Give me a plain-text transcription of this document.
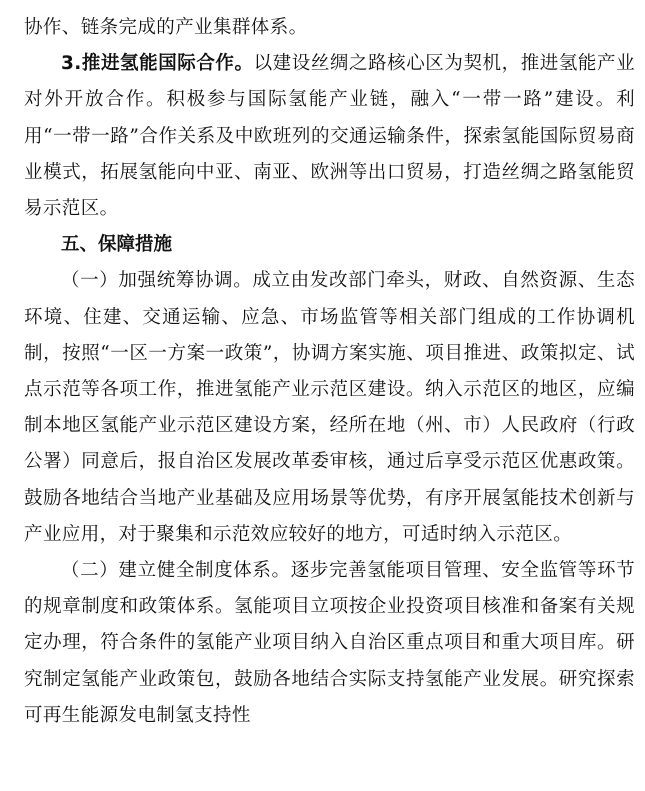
协作、链条完成的产业集群体系。

3.推进氢能国际合作。以建设丝绸之路核心区为契机，推进氢能产业对外开放合作。积极参与国际氢能产业链，融入“一带一路”建设。利用“一带一路”合作关系及中欧班列的交通运输条件，探索氢能国际贸易商业模式，拓展氢能向中亚、南亚、欧洲等出口贸易，打造丝绸之路氢能贸易示范区。

五、保障措施

（一）加强统筹协调。成立由发改部门牵头，财政、自然资源、生态环境、住建、交通运输、应急、市场监管等相关部门组成的工作协调机制，按照“一区一方案一政策”，协调方案实施、项目推进、政策拟定、试点示范等各项工作，推进氢能产业示范区建设。纳入示范区的地区，应编制本地区氢能产业示范区建设方案，经所在地（州、市）人民政府（行政公署）同意后，报自治区发展改革委审核，通过后享受示范区优惠政策。鼓励各地结合当地产业基础及应用场景等优势，有序开展氢能技术创新与产业应用，对于聚集和示范效应较好的地方，可适时纳入示范区。

（二）建立健全制度体系。逐步完善氢能项目管理、安全监管等环节的规章制度和政策体系。氢能项目立项按企业投资项目核准和备案有关规定办理，符合条件的氢能产业项目纳入自治区重点项目和重大项目库。研究制定氢能产业政策包，鼓励各地结合实际支持氢能产业发展。研究探索可再生能源发电制氢支持性
